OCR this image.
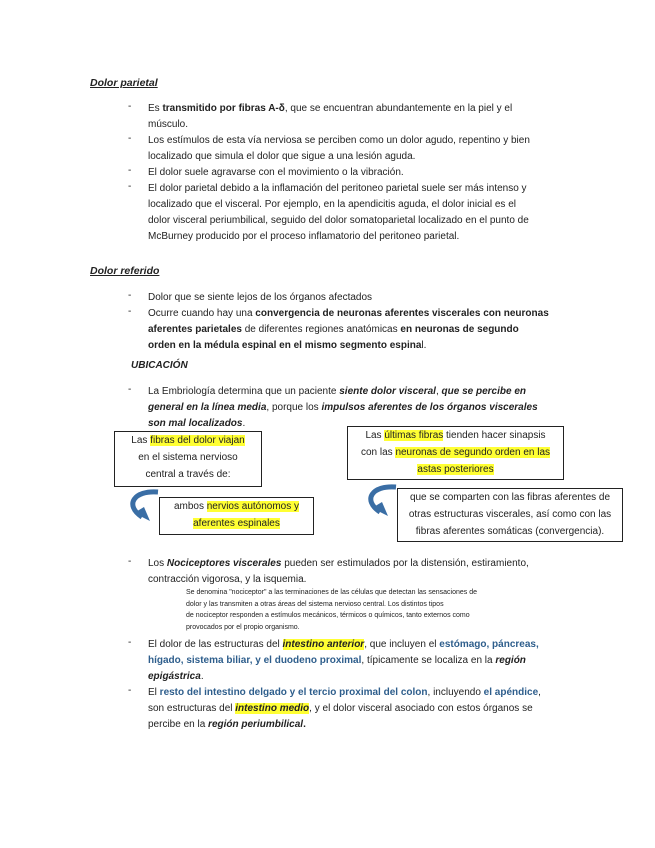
Dolor parietal
- Es transmitido por fibras A-δ, que se encuentran abundantemente en la piel y el
músculo.
- Los estímulos de esta vía nerviosa se perciben como un dolor agudo, repentino y bien
localizado que simula el dolor que sigue a una lesión aguda.
- El dolor suele agravarse con el movimiento o la vibración.
- El dolor parietal debido a la inflamación del peritoneo parietal suele ser más intenso y
localizado que el visceral. Por ejemplo, en la apendicitis aguda, el dolor inicial es el
dolor visceral periumbilical, seguido del dolor somatoparietal localizado en el punto de
McBurney producido por el proceso inflamatorio del peritoneo parietal.
Dolor referido
- Dolor que se siente lejos de los órganos afectados
- Ocurre cuando hay una convergencia de neuronas aferentes viscerales con neuronas
aferentes parietales de diferentes regiones anatómicas en neuronas de segundo
orden en la médula espinal en el mismo segmento espinal.
UBICACIÓN
- La Embriología determina que un paciente siente dolor visceral, que se percibe en
general en la línea media, porque los impulsos aferentes de los órganos viscerales
son mal localizados.
Las fibras del dolor viajan
en el sistema nervioso
central a través de:
Las últimas fibras tienden hacer sinapsis
con las neuronas de segundo orden en las
astas posteriores
ambos nervios autónomos y
aferentes espinales
que se comparten con las fibras aferentes de
otras estructuras viscerales, así como con las
fibras aferentes somáticas (convergencia).
- Los Nociceptores viscerales pueden ser estimulados por la distensión, estiramiento,
contracción vigorosa, y la isquemia.
Se denomina "nociceptor" a las terminaciones de las células que detectan las sensaciones de
dolor y las transmiten a otras áreas del sistema nervioso central. Los distintos tipos
de nociceptor responden a estímulos mecánicos, térmicos o químicos, tanto externos como
provocados por el propio organismo.
- El dolor de las estructuras del intestino anterior, que incluyen el estómago, páncreas,
hígado, sistema biliar, y el duodeno proximal, típicamente se localiza en la región
epigástrica.
- El resto del intestino delgado y el tercio proximal del colon, incluyendo el apéndice,
son estructuras del intestino medio, y el dolor visceral asociado con estos órganos se
percibe en la región periumbilical.
